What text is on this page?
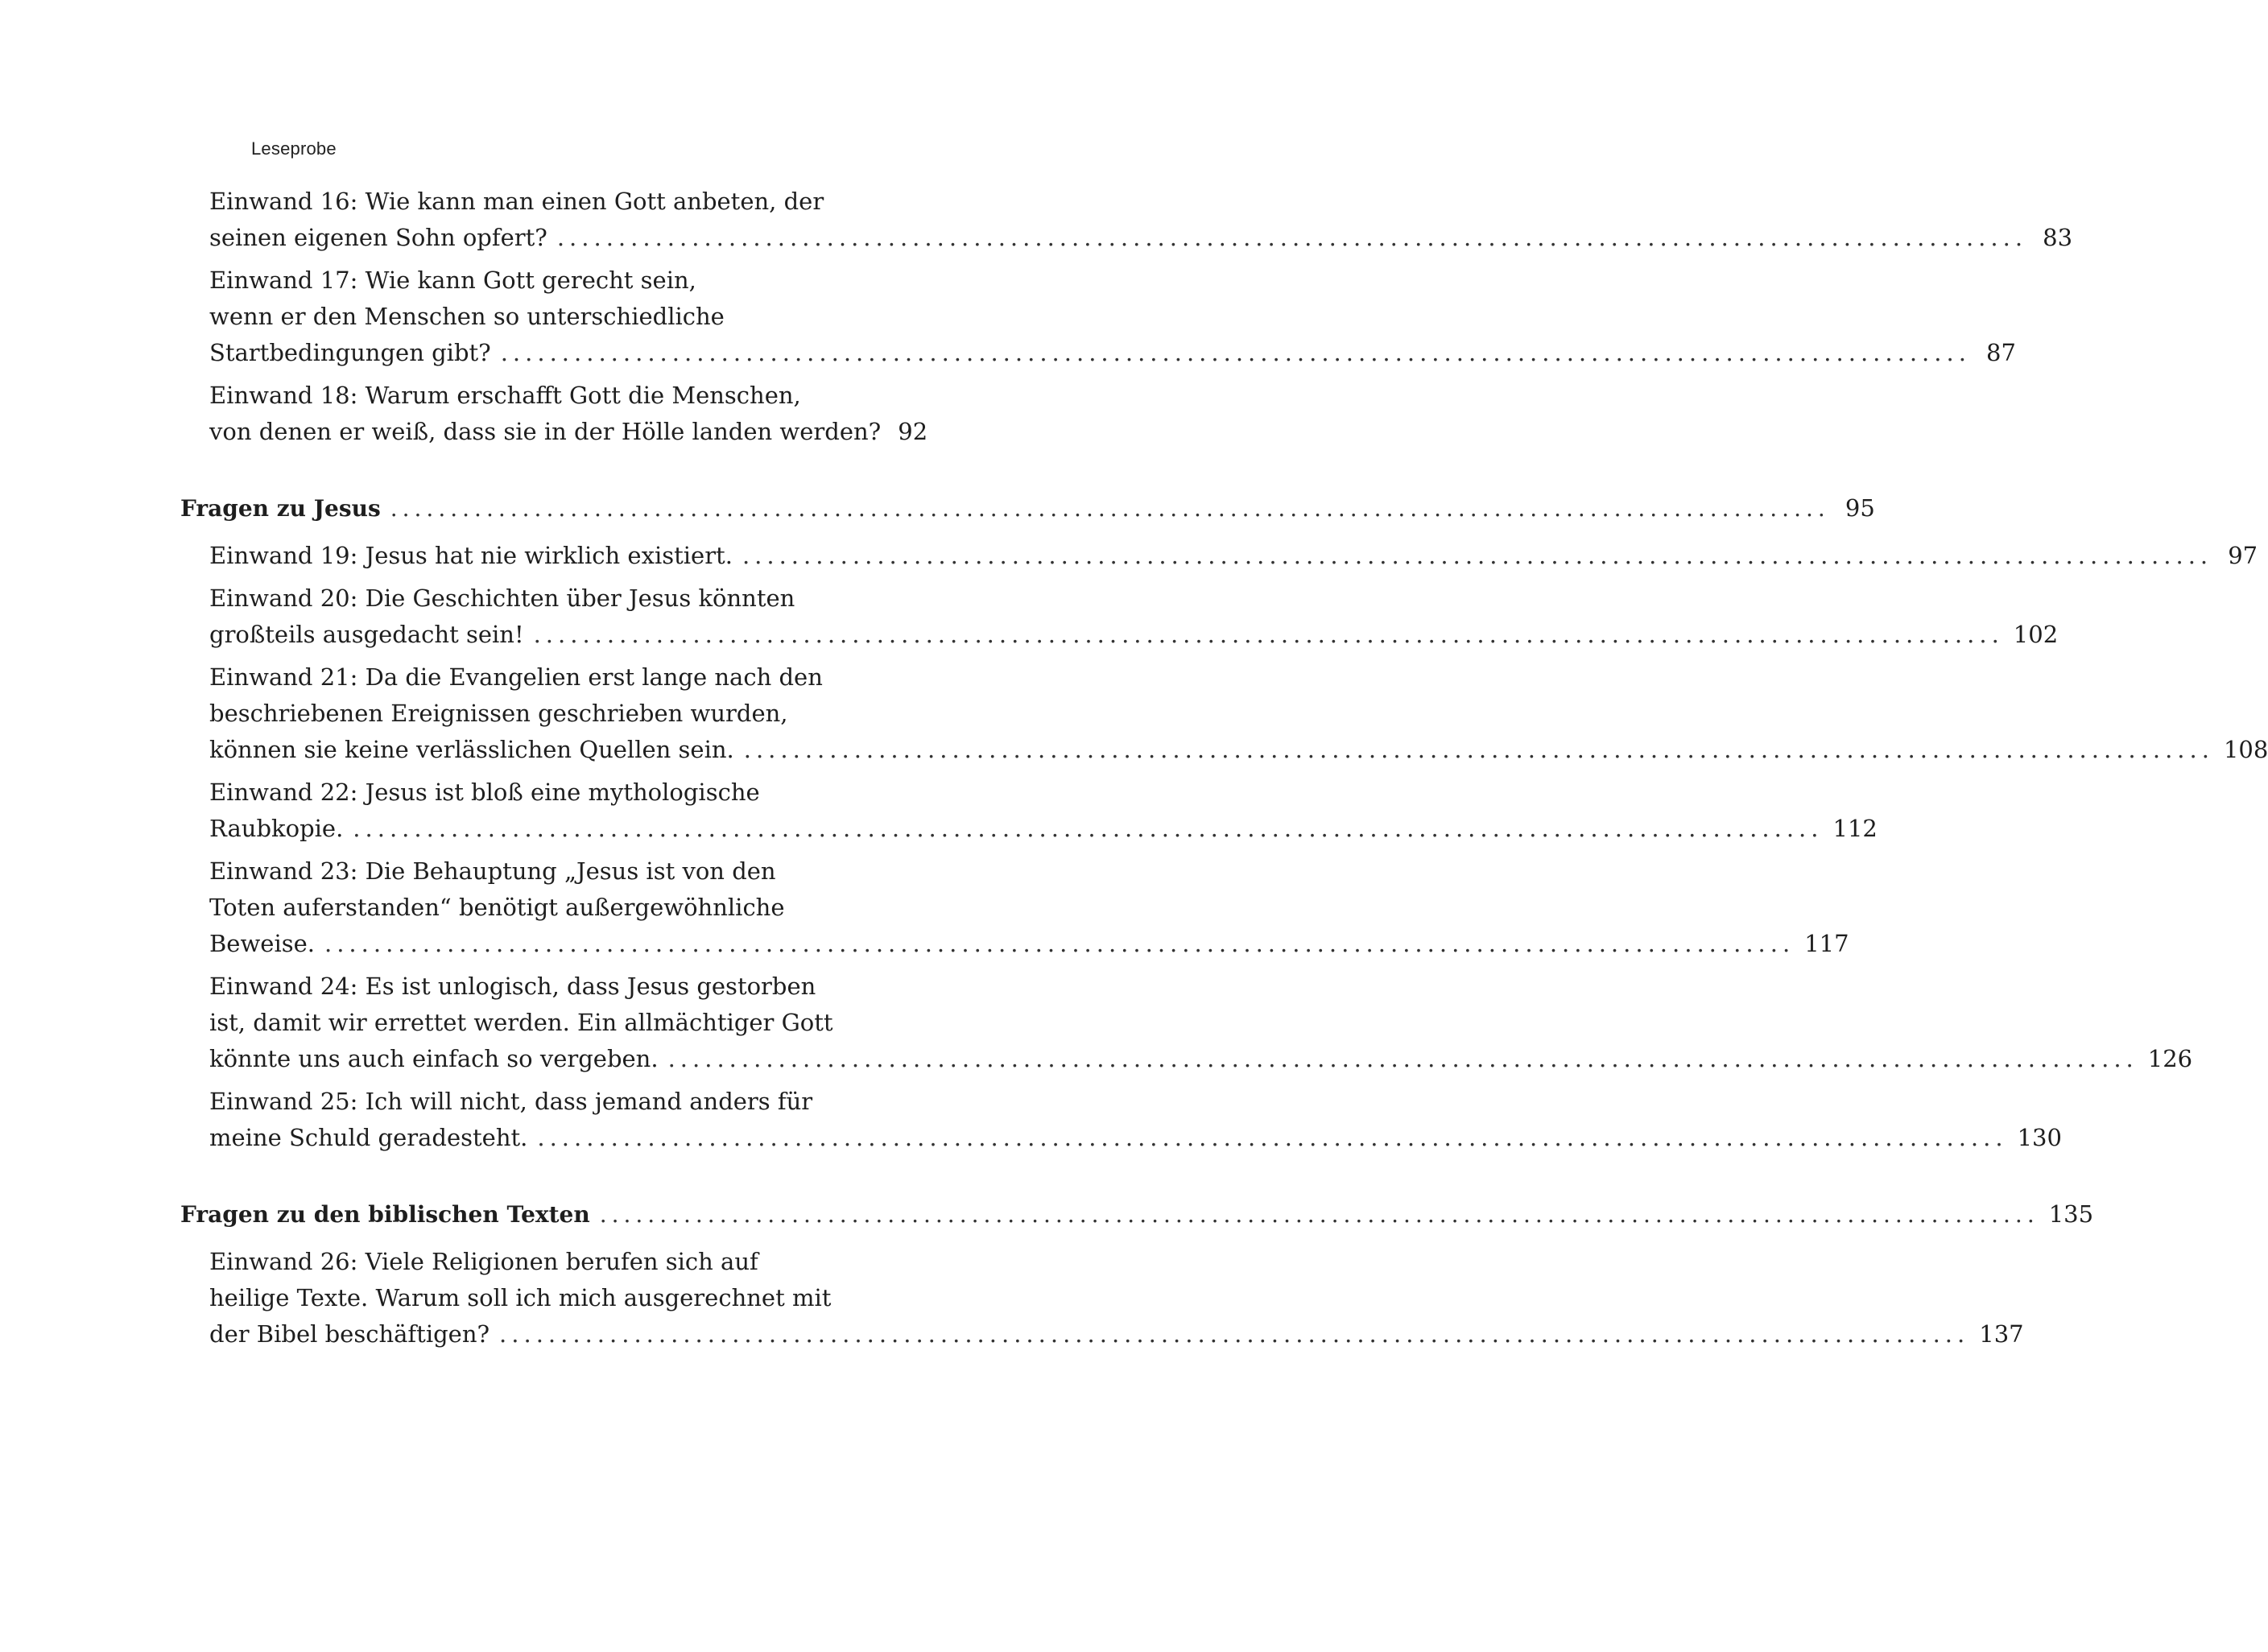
Leseprobe
Einwand 16: Wie kann man einen Gott anbeten, der
seinen eigenen Sohn opfert? ........................................................................................................................ 83
Einwand 17: Wie kann Gott gerecht sein,
wenn er den Menschen so unterschiedliche
Startbedingungen gibt? ........................................................................................................................ 87
Einwand 18: Warum erschafft Gott die Menschen,
von denen er weiß, dass sie in der Hölle landen werden? 92
Fragen zu Jesus ........................................................................................................................ 95
Einwand 19: Jesus hat nie wirklich existiert. ........................................................................................................................ 97
Einwand 20: Die Geschichten über Jesus könnten
großteils ausgedacht sein! ........................................................................................................................ 102
Einwand 21: Da die Evangelien erst lange nach den
beschriebenen Ereignissen geschrieben wurden,
können sie keine verlässlichen Quellen sein. ........................................................................................................................ 108
Einwand 22: Jesus ist bloß eine mythologische
Raubkopie. ........................................................................................................................ 112
Einwand 23: Die Behauptung „Jesus ist von den
Toten auferstanden“ benötigt außergewöhnliche
Beweise. ........................................................................................................................ 117
Einwand 24: Es ist unlogisch, dass Jesus gestorben
ist, damit wir errettet werden. Ein allmächtiger Gott
könnte uns auch einfach so vergeben. ........................................................................................................................ 126
Einwand 25: Ich will nicht, dass jemand anders für
meine Schuld geradesteht. ........................................................................................................................ 130
Fragen zu den biblischen Texten ........................................................................................................................ 135
Einwand 26: Viele Religionen berufen sich auf
heilige Texte. Warum soll ich mich ausgerechnet mit
der Bibel beschäftigen? ........................................................................................................................ 137
